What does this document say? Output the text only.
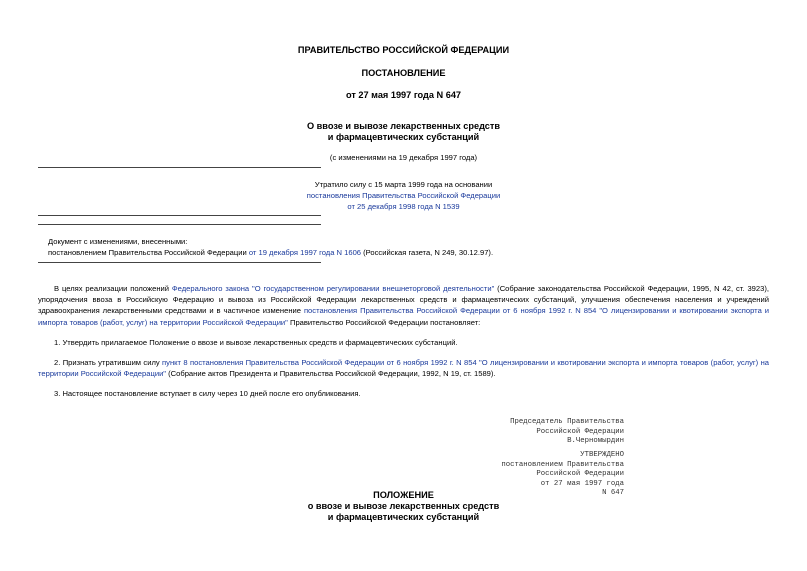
ПРАВИТЕЛЬСТВО РОССИЙСКОЙ ФЕДЕРАЦИИ
ПОСТАНОВЛЕНИЕ
от 27 мая 1997 года N 647
О ввозе и вывозе лекарственных средств
и фармацевтических субстанций
(с изменениями на 19 декабря 1997 года)
Утратило силу с 15 марта 1999 года на основании
постановления Правительства Российской Федерации
от 25 декабря 1998 года N 1539
Документ с изменениями, внесенными:
постановлением Правительства Российской Федерации от 19 декабря 1997 года N 1606 (Российская газета, N 249, 30.12.97).
В целях реализации положений Федерального закона "О государственном регулировании внешнеторговой деятельности" (Собрание законодательства Российской Федерации, 1995, N 42, ст. 3923), упорядочения ввоза в Российскую Федерацию и вывоза из Российской Федерации лекарственных средств и фармацевтических субстанций, улучшения обеспечения населения и учреждений здравоохранения лекарственными средствами и в частичное изменение постановления Правительства Российской Федерации от 6 ноября 1992 г. N 854 "О лицензировании и квотировании экспорта и импорта товаров (работ, услуг) на территории Российской Федерации" Правительство Российской Федерации постановляет:
1. Утвердить прилагаемое Положение о ввозе и вывозе лекарственных средств и фармацевтических субстанций.
2. Признать утратившим силу пункт 8 постановления Правительства Российской Федерации от 6 ноября 1992 г. N 854 "О лицензировании и квотировании экспорта и импорта товаров (работ, услуг) на территории Российской Федерации" (Собрание актов Президента и Правительства Российской Федерации, 1992, N 19, ст. 1589).
3. Настоящее постановление вступает в силу через 10 дней после его опубликования.
Председатель Правительства
Российской Федерации
В.Черномырдин
УТВЕРЖДЕНО
постановлением Правительства
Российской Федерации
от 27 мая 1997 года
N 647
ПОЛОЖЕНИЕ
о ввозе и вывозе лекарственных средств
и фармацевтических субстанций
